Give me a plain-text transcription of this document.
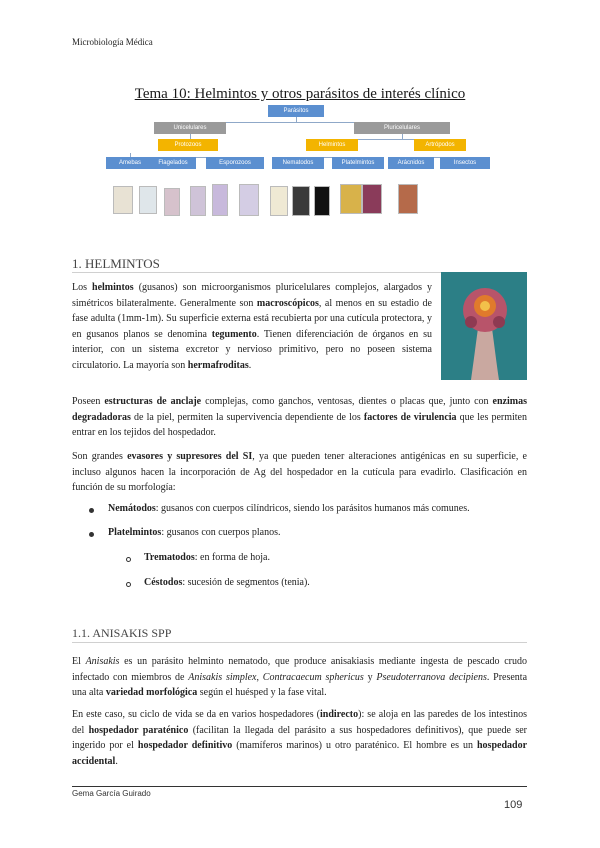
Microbiología Médica
Tema 10: Helmintos y otros parásitos de interés clínico
Parásitos
Unicelulares	Pluricelulares
Protozoos	Helmintos	Artrópodos
Amebas	Flagelados	Esporozoos	Nematodos	Platelmintos	Arácnidos	Insectos
1. HELMINTOS

Los helmintos (gusanos) son microorganismos pluricelulares complejos, alargados y simétricos bilateralmente. Generalmente son macroscópicos, al menos en su estadio de fase adulta (1mm-1m). Su superficie externa está recubierta por una cutícula protectora, y en gusanos planos se denomina tegumento. Tienen diferenciación de órganos en su interior, con un sistema excretor y nervioso primitivo, pero no poseen sistema circulatorio. La mayoría son hermafroditas.

Poseen estructuras de anclaje complejas, como ganchos, ventosas, dientes o placas que, junto con enzimas degradadoras de la piel, permiten la supervivencia dependiente de los factores de virulencia que les permiten entrar en los tejidos del hospedador.

Son grandes evasores y supresores del SI, ya que pueden tener alteraciones antigénicas en su superficie, e incluso algunos hacen la incorporación de Ag del hospedador en la cutícula para evadirlo. Clasificación en función de su morfología:

Nemátodos: gusanos con cuerpos cilíndricos, siendo los parásitos humanos más comunes.
Platelmintos: gusanos con cuerpos planos.
Trematodos: en forma de hoja.
Céstodos: sucesión de segmentos (tenia).
1.1. ANISAKIS SPP

El Anisakis es un parásito helminto nematodo, que produce anisakiasis mediante ingesta de pescado crudo infectado con miembros de Anisakis simplex, Contracaecum sphericus y Pseudoterranova decipiens. Presenta una alta variedad morfológica según el huésped y la fase vital.

En este caso, su ciclo de vida se da en varios hospedadores (indirecto): se aloja en las paredes de los intestinos del hospedador paraténico (facilitan la llegada del parásito a sus hospedadores definitivos), que puede ser ingerido por el hospedador definitivo (mamíferos marinos) u otro paraténico. El hombre es un hospedador accidental.

Gema García Guirado
109
